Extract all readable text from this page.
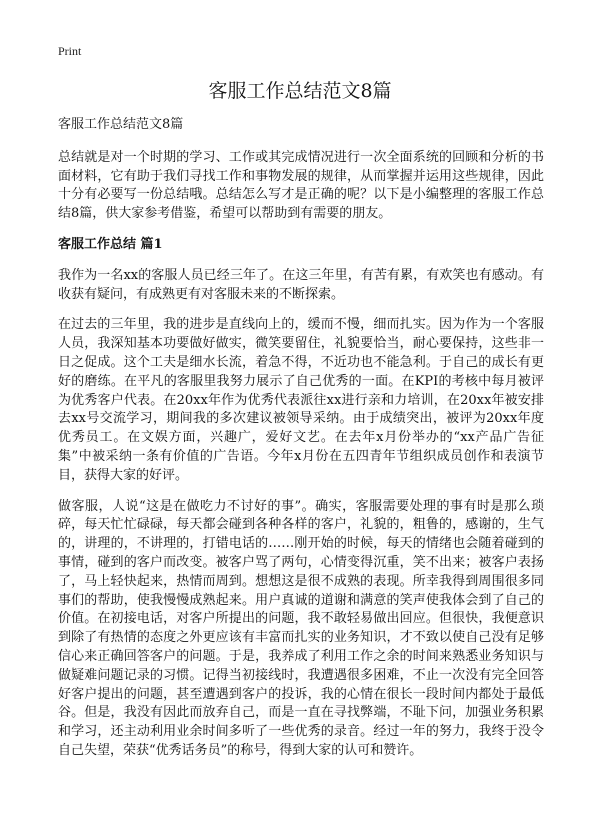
Print
客服工作总结范文8篇

客服工作总结范文8篇

总结就是对一个时期的学习、工作或其完成情况进行一次全面系统的回顾和分析的书面材料，它有助于我们寻找工作和事物发展的规律，从而掌握并运用这些规律，因此十分有必要写一份总结哦。总结怎么写才是正确的呢？以下是小编整理的客服工作总结8篇，供大家参考借鉴，希望可以帮助到有需要的朋友。

客服工作总结 篇1

我作为一名xx的客服人员已经三年了。在这三年里，有苦有累，有欢笑也有感动。有收获有疑问，有成熟更有对客服未来的不断探索。

在过去的三年里，我的进步是直线向上的，缓而不慢，细而扎实。因为作为一个客服人员，我深知基本功要做好做实，微笑要留住，礼貌要恰当，耐心要保持，这些非一日之促成。这个工夫是细水长流，着急不得，不近功也不能急利。于自己的成长有更好的磨练。在平凡的客服里我努力展示了自己优秀的一面。在KPI的考核中每月被评为优秀客户代表。在20xx年作为优秀代表派往xx进行亲和力培训，在20xx年被安排去xx号交流学习，期间我的多次建议被领导采纳。由于成绩突出，被评为20xx年度优秀员工。在文娱方面，兴趣广，爱好文艺。在去年x月份举办的“xx产品广告征集”中被采纳一条有价值的广告语。今年x月份在五四青年节组织成员创作和表演节目，获得大家的好评。

做客服，人说“这是在做吃力不讨好的事”。确实，客服需要处理的事有时是那么琐碎，每天忙忙碌碌，每天都会碰到各种各样的客户，礼貌的，粗鲁的，感谢的，生气的，讲理的，不讲理的，打错电话的……刚开始的时候，每天的情绪也会随着碰到的事情，碰到的客户而改变。被客户骂了两句，心情变得沉重，笑不出来；被客户表扬了，马上轻快起来，热情而周到。想想这是很不成熟的表现。所幸我得到周围很多同事们的帮助，使我慢慢成熟起来。用户真诚的道谢和满意的笑声使我体会到了自己的价值。在初接电话，对客户所提出的问题，我不敢轻易做出回应。但很快，我便意识到除了有热情的态度之外更应该有丰富而扎实的业务知识，才不致以使自己没有足够信心来正确回答客户的问题。于是，我养成了利用工作之余的时间来熟悉业务知识与做疑难问题记录的习惯。记得当初接线时，我遭遇很多困难，不止一次没有完全回答好客户提出的问题，甚至遭遇到客户的投诉，我的心情在很长一段时间内都处于最低谷。但是，我没有因此而放弃自己，而是一直在寻找弊端，不耻下问，加强业务积累和学习，还主动利用业余时间多听了一些优秀的录音。经过一年的努力，我终于没令自己失望，荣获“优秀话务员”的称号，得到大家的认可和赞许。
